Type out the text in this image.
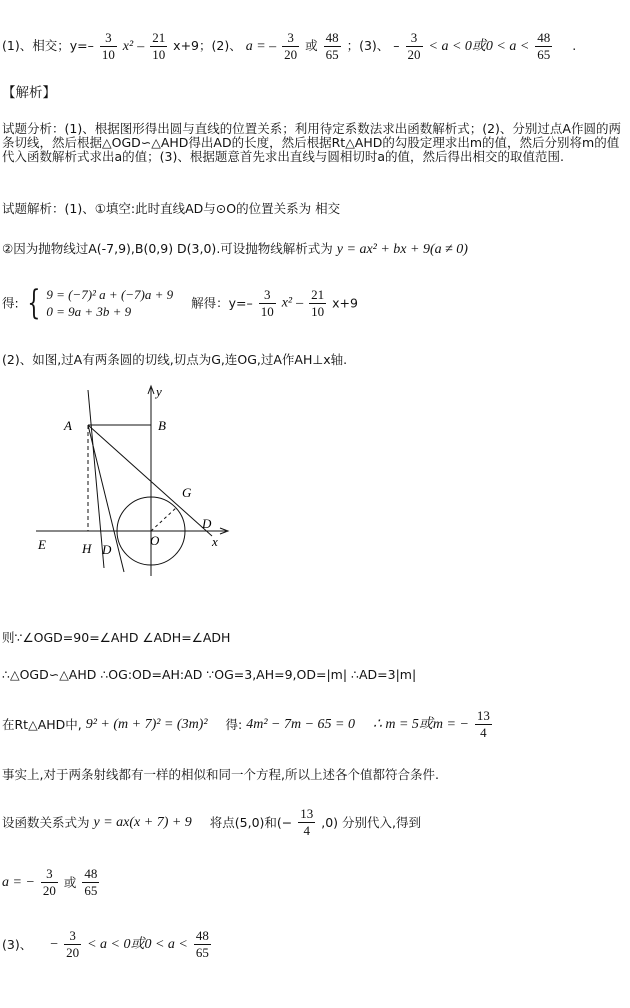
(1)、相交；$y=- \frac{3}{10} x^2 - \frac{21}{10} x+9$；(2)、 a = – $\frac{3}{20}$ 或 $\frac{48}{65}$ ；(3)、 – $\frac{3}{20} < a < 0$或$0 < a < \frac{48}{65}$ .
【解析】
试题分析：(1)、根据图形得出圆与直线的位置关系；利用待定系数法求出函数解析式；(2)、分别过点A作圆的两条切线，然后根据△OGD∽△AHD得出AD的长度，然后根据Rt△AHD的勾股定理求出m的值，然后分别将m的值代入函数解析式求出a的值；(3)、根据题意首先求出直线与圆相切时a的值，然后得出相交的取值范围.
试题解析：(1)、①填空:此时直线AD与⊙O的位置关系为 相交
②因为抛物线过A(-7,9),B(0,9) D(3,0).可设抛物线解析式为 y = ax² + bx + 9(a ≠ 0)
得: { 9 = (−7)² a + (−7)a + 9
0 = 9a + 3b + 9
解得：$y=- \frac{3}{10} x^2 - \frac{21}{10} x+9$
(2)、如图,过A有两条圆的切线,切点为G,连OG,过A作AH⊥x轴.
A	B
y
G
D
x
E	H
O
D
则∵∠OGD=90=∠AHD ∠ADH=∠ADH
∴△OGD∽△AHD ∴OG:OD=AH:AD ∵OG=3,AH=9,OD=|m| ∴AD=3|m|
在Rt△AHD中, 9² + (m + 7)² = (3m)² 得: 4m² − 7m − 65 = 0 ∴ m = 5或m = − $\frac{13}{4}$
事实上,对于两条射线都有一样的相似和同一个方程,所以上述各个值都符合条件.
设函数关系式为 y = ax(x + 7) + 9 将点(5,0)和(− $\frac{13}{4} ,0$) 分别代入,得到
a = − $\frac{3}{20}$ 或 $\frac{48}{65}$
(3)、 − $\frac{3}{20} < a < 0$或$0 < a < \frac{48}{65}$
